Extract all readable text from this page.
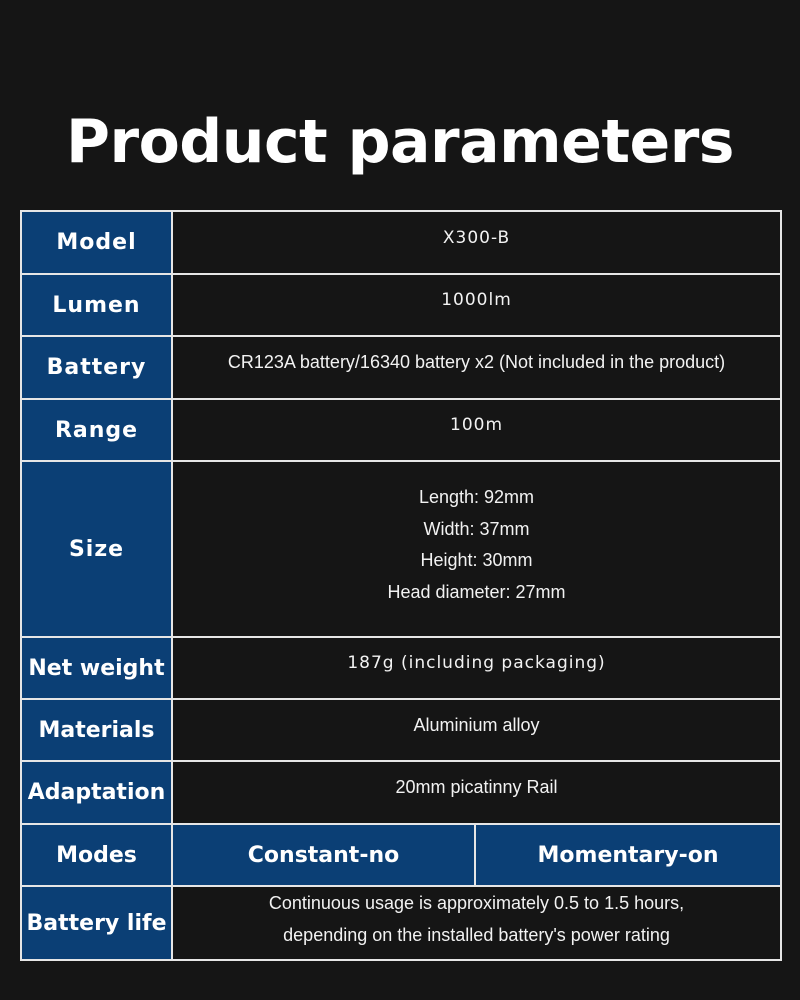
Product parameters
Model	X300-B	
Lumen	1000lm	
Battery	CR123A battery/16340 battery x2 (Not included in the product)	
Range	100m	
Size	Length: 92mm
Width: 37mm
Height: 30mm
Head diameter: 27mm	

Net weight	187g (including packaging)	
Materials	Aluminium alloy	
Adaptation	20mm picatinny Rail	
Modes	Constant-no	Momentary-on
Battery life	Continuous usage is approximately 0.5 to 1.5 hours,
depending on the installed battery's power rating	
